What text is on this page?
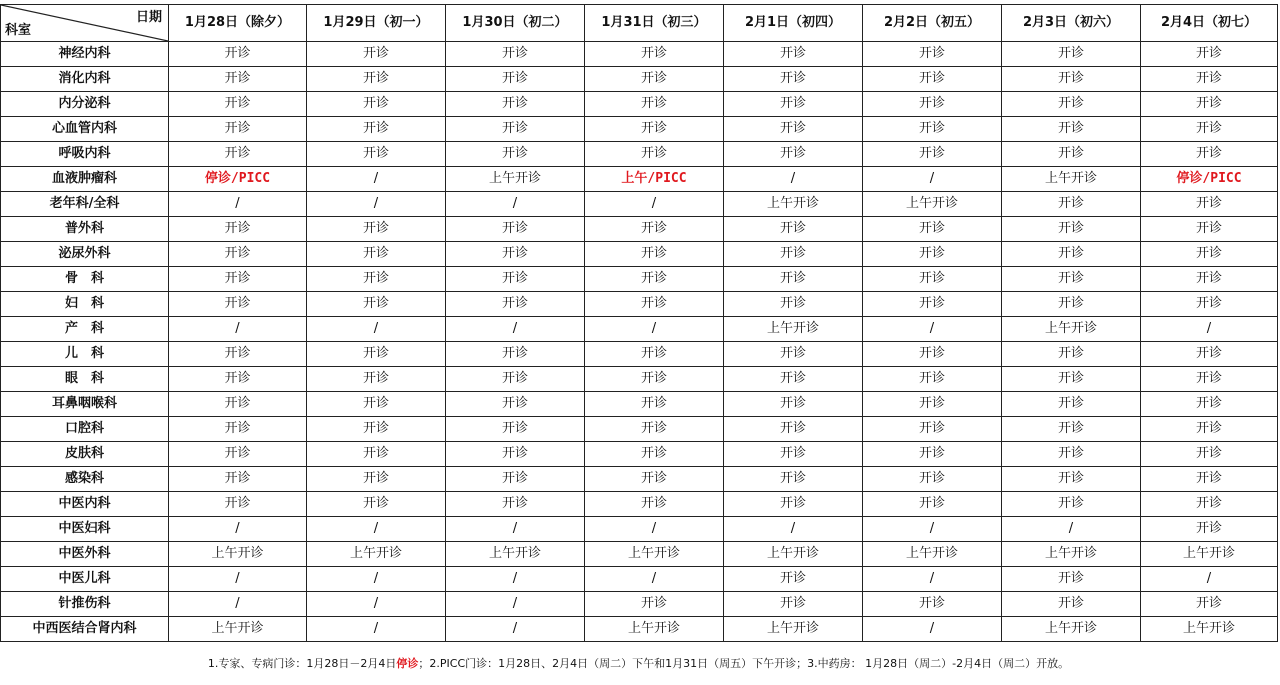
日期
科室	1月28日（除夕）	1月29日（初一）	1月30日（初二）	1月31日（初三）	2月1日（初四）	2月2日（初五）	2月3日（初六）	2月4日（初七）
神经内科	开诊	开诊	开诊	开诊	开诊	开诊	开诊	开诊
消化内科	开诊	开诊	开诊	开诊	开诊	开诊	开诊	开诊
内分泌科	开诊	开诊	开诊	开诊	开诊	开诊	开诊	开诊
心血管内科	开诊	开诊	开诊	开诊	开诊	开诊	开诊	开诊
呼吸内科	开诊	开诊	开诊	开诊	开诊	开诊	开诊	开诊
血液肿瘤科	停诊/PICC	/	上午开诊	上午/PICC	/	/	上午开诊	停诊/PICC
老年科/全科	/	/	/	/	上午开诊	上午开诊	开诊	开诊
普外科	开诊	开诊	开诊	开诊	开诊	开诊	开诊	开诊
泌尿外科	开诊	开诊	开诊	开诊	开诊	开诊	开诊	开诊
骨　科	开诊	开诊	开诊	开诊	开诊	开诊	开诊	开诊
妇　科	开诊	开诊	开诊	开诊	开诊	开诊	开诊	开诊
产　科	/	/	/	/	上午开诊	/	上午开诊	/
儿　科	开诊	开诊	开诊	开诊	开诊	开诊	开诊	开诊
眼　科	开诊	开诊	开诊	开诊	开诊	开诊	开诊	开诊
耳鼻咽喉科	开诊	开诊	开诊	开诊	开诊	开诊	开诊	开诊
口腔科	开诊	开诊	开诊	开诊	开诊	开诊	开诊	开诊
皮肤科	开诊	开诊	开诊	开诊	开诊	开诊	开诊	开诊
感染科	开诊	开诊	开诊	开诊	开诊	开诊	开诊	开诊
中医内科	开诊	开诊	开诊	开诊	开诊	开诊	开诊	开诊
中医妇科	/	/	/	/	/	/	/	开诊
中医外科	上午开诊	上午开诊	上午开诊	上午开诊	上午开诊	上午开诊	上午开诊	上午开诊
中医儿科	/	/	/	/	开诊	/	开诊	/
针推伤科	/	/	/	开诊	开诊	开诊	开诊	开诊
中西医结合肾内科	上午开诊	/	/	上午开诊	上午开诊	/	上午开诊	上午开诊
1.专家、专病门诊：1月28日－2月4日停诊；2.PICC门诊：1月28日、2月4日（周二）下午和1月31日（周五）下午开诊；3.中药房： 1月28日（周二）-2月4日（周二）开放。
